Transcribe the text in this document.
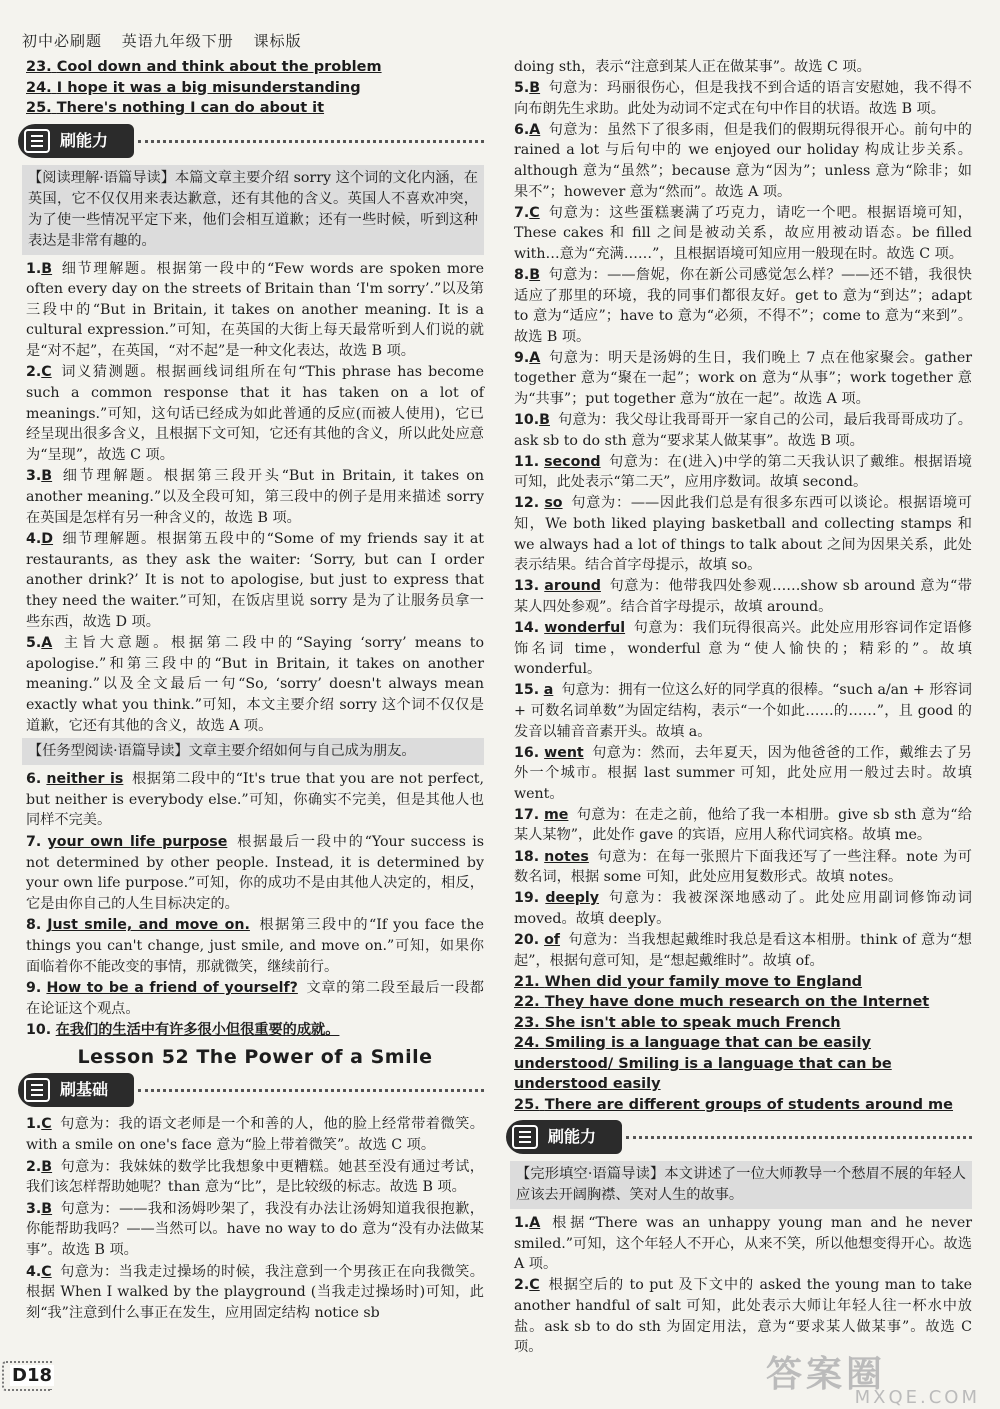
初中必刷题 英语九年级下册 课标版
23. Cool down and think about the problem
24. I hope it was a big misunderstanding
25. There's nothing I can do about it
刷能力
【阅读理解·语篇导读】本篇文章主要介绍 sorry 这个词的文化内涵，在英国，它不仅仅用来表达歉意，还有其他的含义。英国人不喜欢冲突，为了使一些情况平定下来，他们会相互道歉；还有一些时候，听到这种表达是非常有趣的。
1.B 细节理解题。根据第一段中的“Few words are spoken more often every day on the streets of Britain than ‘I'm sorry’.”以及第三段中的“But in Britain, it takes on another meaning. It is a cultural expression.”可知，在英国的大街上每天最常听到人们说的就是“对不起”，在英国，“对不起”是一种文化表达，故选 B 项。
2.C 词义猜测题。根据画线词组所在句“This phrase has become such a common response that it has taken on a lot of meanings.”可知，这句话已经成为如此普通的反应(而被人使用)，它已经呈现出很多含义，且根据下文可知，它还有其他的含义，所以此处应意为“呈现”，故选 C 项。
3.B 细节理解题。根据第三段开头“But in Britain, it takes on another meaning.”以及全段可知，第三段中的例子是用来描述 sorry 在英国是怎样有另一种含义的，故选 B 项。
4.D 细节理解题。根据第五段中的“Some of my friends say it at restaurants, as they ask the waiter: ‘Sorry, but can I order another drink?’ It is not to apologise, but just to express that they need the waiter.”可知，在饭店里说 sorry 是为了让服务员拿一些东西，故选 D 项。
5.A 主旨大意题。根据第二段中的“Saying ‘sorry’ means to apologise.”和第三段中的“But in Britain, it takes on another meaning.”以及全文最后一句“So, ‘sorry’ doesn't always mean exactly what you think.”可知，本文主要介绍 sorry 这个词不仅仅是道歉，它还有其他的含义，故选 A 项。
【任务型阅读·语篇导读】文章主要介绍如何与自己成为朋友。
6. neither is 根据第二段中的“It's true that you are not perfect, but neither is everybody else.”可知，你确实不完美，但是其他人也同样不完美。
7. your own life purpose 根据最后一段中的“Your success is not determined by other people. Instead, it is determined by your own life purpose.”可知，你的成功不是由其他人决定的，相反，它是由你自己的人生目标决定的。
8. Just smile, and move on. 根据第三段中的“If you face the things you can't change, just smile, and move on.”可知，如果你面临着你不能改变的事情，那就微笑，继续前行。
9. How to be a friend of yourself? 文章的第二段至最后一段都在论证这个观点。
10. 在我们的生活中有许多很小但很重要的成就。
Lesson 52 The Power of a Smile
刷基础
1.C 句意为：我的语文老师是一个和善的人，他的脸上经常带着微笑。with a smile on one's face 意为“脸上带着微笑”。故选 C 项。
2.B 句意为：我妹妹的数学比我想象中更糟糕。她甚至没有通过考试，我们该怎样帮助她呢？than 意为“比”，是比较级的标志。故选 B 项。
3.B 句意为：——我和汤姆吵架了，我没有办法让汤姆知道我很抱歉，你能帮助我吗？——当然可以。have no way to do 意为“没有办法做某事”。故选 B 项。
4.C 句意为：当我走过操场的时候，我注意到一个男孩正在向我微笑。根据 When I walked by the playground (当我走过操场时)可知，此刻“我”注意到什么事正在发生，应用固定结构 notice sb
doing sth，表示“注意到某人正在做某事”。故选 C 项。
5.B 句意为：玛丽很伤心，但是我找不到合适的语言安慰她，我不得不向布朗先生求助。此处为动词不定式在句中作目的状语。故选 B 项。
6.A 句意为：虽然下了很多雨，但是我们的假期玩得很开心。前句中的 rained a lot 与后句中的 we enjoyed our holiday 构成让步关系。although 意为“虽然”；because 意为“因为”；unless 意为“除非；如果不”；however 意为“然而”。故选 A 项。
7.C 句意为：这些蛋糕裹满了巧克力，请吃一个吧。根据语境可知，These cakes 和 fill 之间是被动关系，故应用被动语态。be filled with…意为“充满……”，且根据语境可知应用一般现在时。故选 C 项。
8.B 句意为：——詹妮，你在新公司感觉怎么样？——还不错，我很快适应了那里的环境，我的同事们都很友好。get to 意为“到达”；adapt to 意为“适应”；have to 意为“必须，不得不”；come to 意为“来到”。故选 B 项。
9.A 句意为：明天是汤姆的生日，我们晚上 7 点在他家聚会。gather together 意为“聚在一起”；work on 意为“从事”；work together 意为“共事”；put together 意为“放在一起”。故选 A 项。
10.B 句意为：我父母让我哥哥开一家自己的公司，最后我哥哥成功了。ask sb to do sth 意为“要求某人做某事”。故选 B 项。
11. second 句意为：在(进入)中学的第二天我认识了戴维。根据语境可知，此处表示“第二天”，应用序数词。故填 second。
12. so 句意为：——因此我们总是有很多东西可以谈论。根据语境可知，We both liked playing basketball and collecting stamps 和 we always had a lot of things to talk about 之间为因果关系，此处表示结果。结合首字母提示，故填 so。
13. around 句意为：他带我四处参观……show sb around 意为“带某人四处参观”。结合首字母提示，故填 around。
14. wonderful 句意为：我们玩得很高兴。此处应用形容词作定语修饰名词 time，wonderful 意为“使人愉快的；精彩的”。故填 wonderful。
15. a 句意为：拥有一位这么好的同学真的很棒。“such a/an + 形容词 + 可数名词单数”为固定结构，表示“一个如此……的……”，且 good 的发音以辅音音素开头。故填 a。
16. went 句意为：然而，去年夏天，因为他爸爸的工作，戴维去了另外一个城市。根据 last summer 可知，此处应用一般过去时。故填 went。
17. me 句意为：在走之前，他给了我一本相册。give sb sth 意为“给某人某物”，此处作 gave 的宾语，应用人称代词宾格。故填 me。
18. notes 句意为：在每一张照片下面我还写了一些注释。note 为可数名词，根据 some 可知，此处应用复数形式。故填 notes。
19. deeply 句意为：我被深深地感动了。此处应用副词修饰动词 moved。故填 deeply。
20. of 句意为：当我想起戴维时我总是看这本相册。think of 意为“想起”，根据句意可知，是“想起戴维时”。故填 of。
21. When did your family move to England
22. They have done much research on the Internet
23. She isn't able to speak much French
24. Smiling is a language that can be easily understood/ Smiling is a language that can be understood easily
25. There are different groups of students around me
刷能力
【完形填空·语篇导读】本文讲述了一位大师教导一个愁眉不展的年轻人应该去开阔胸襟、笑对人生的故事。
1.A 根据“There was an unhappy young man and he never smiled.”可知，这个年轻人不开心，从来不笑，所以他想变得开心。故选 A 项。
2.C 根据空后的 to put 及下文中的 asked the young man to take another handful of salt 可知，此处表示大师让年轻人往一杯水中放盐。ask sb to do sth 为固定用法，意为“要求某人做某事”。故选 C 项。
D18	答案圈
MXQE.COM
